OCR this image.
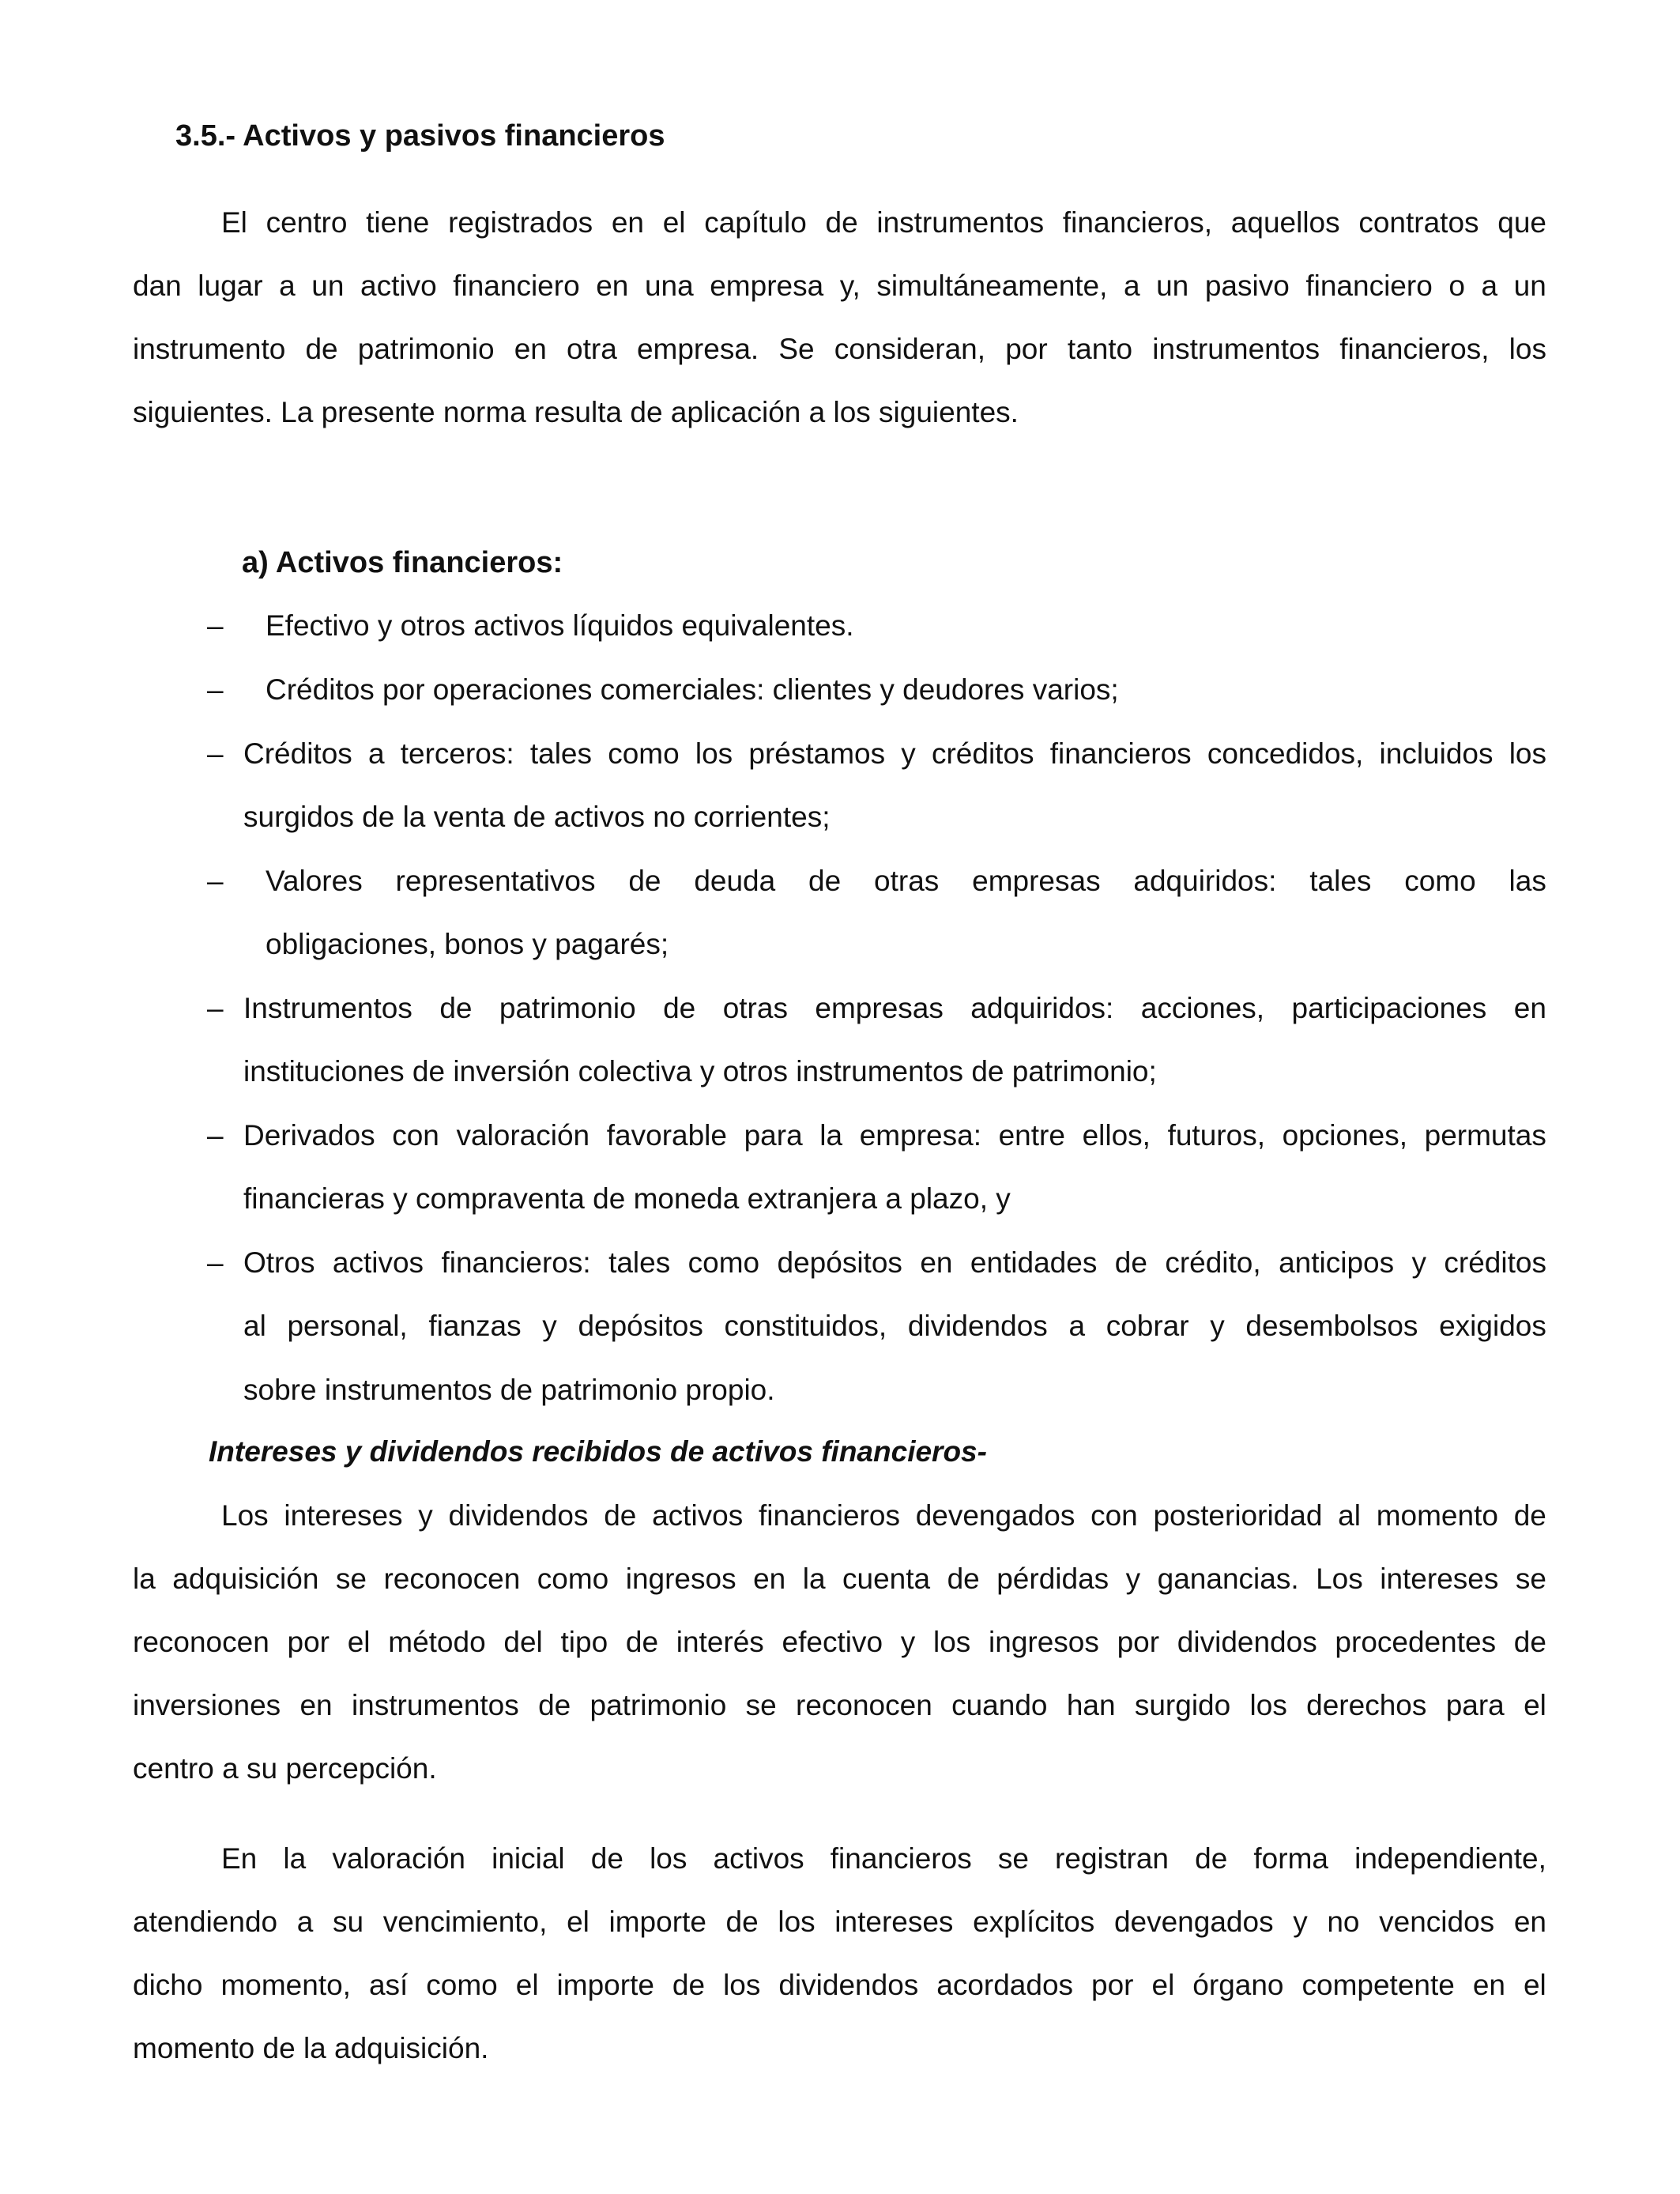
3.5.- Activos y pasivos financieros
El centro tiene registrados en el capítulo de instrumentos financieros, aquellos contratos que
dan lugar a un activo financiero en una empresa y, simultáneamente, a un pasivo financiero o a un
instrumento de patrimonio en otra empresa. Se consideran, por tanto instrumentos financieros, los
siguientes. La presente norma resulta de aplicación a los siguientes.
a) Activos financieros:
– Efectivo y otros activos líquidos equivalentes.
– Créditos por operaciones comerciales: clientes y deudores varios;
– Créditos a terceros: tales como los préstamos y créditos financieros concedidos, incluidos los
surgidos de la venta de activos no corrientes;
– Valores representativos de deuda de otras empresas adquiridos: tales como las
obligaciones, bonos y pagarés;
– Instrumentos de patrimonio de otras empresas adquiridos: acciones, participaciones en
instituciones de inversión colectiva y otros instrumentos de patrimonio;
– Derivados con valoración favorable para la empresa: entre ellos, futuros, opciones, permutas
financieras y compraventa de moneda extranjera a plazo, y
– Otros activos financieros: tales como depósitos en entidades de crédito, anticipos y créditos
al personal, fianzas y depósitos constituidos, dividendos a cobrar y desembolsos exigidos
sobre instrumentos de patrimonio propio.
Intereses y dividendos recibidos de activos financieros-
Los intereses y dividendos de activos financieros devengados con posterioridad al momento de
la adquisición se reconocen como ingresos en la cuenta de pérdidas y ganancias. Los intereses se
reconocen por el método del tipo de interés efectivo y los ingresos por dividendos procedentes de
inversiones en instrumentos de patrimonio se reconocen cuando han surgido los derechos para el
centro a su percepción.
En la valoración inicial de los activos financieros se registran de forma independiente,
atendiendo a su vencimiento, el importe de los intereses explícitos devengados y no vencidos en
dicho momento, así como el importe de los dividendos acordados por el órgano competente en el
momento de la adquisición.
